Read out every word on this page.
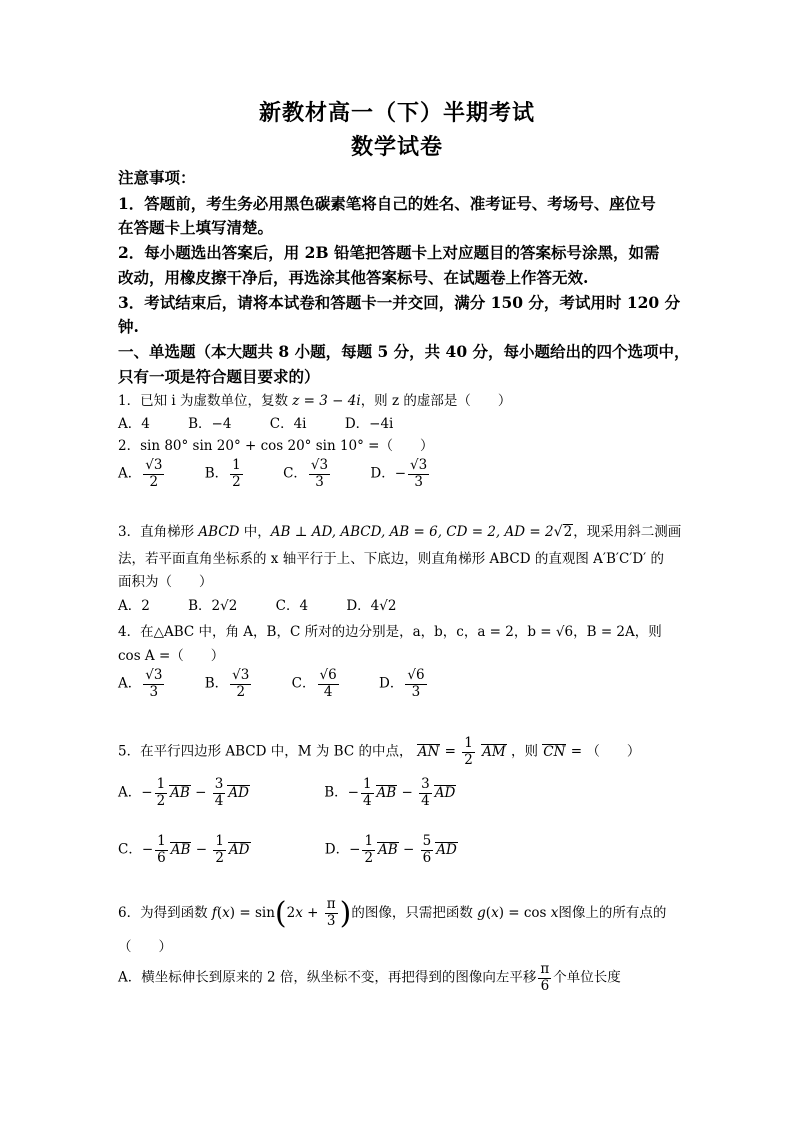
新教材高一（下）半期考试
数学试卷
注意事项：
1．答题前，考生务必用黑色碳素笔将自己的姓名、准考证号、考场号、座位号
在答题卡上填写清楚。
2．每小题选出答案后，用 2B 铅笔把答题卡上对应题目的答案标号涂黑，如需
改动，用橡皮擦干净后，再选涂其他答案标号、在试题卷上作答无效.
3．考试结束后，请将本试卷和答题卡一并交回，满分 150 分，考试用时 120 分
钟.
一、单选题（本大题共 8 小题，每题 5 分，共 40 分，每小题给出的四个选项中，
只有一项是符合题目要求的）
1．已知 i 为虚数单位，复数 z = 3 − 4i，则 z 的虚部是（　　）
A．4	B．−4	C．4i	D．−4i
2．sin 80° sin 20° + cos 20° sin 10° =（　　）
A． $\frac{√3}{2}$	B． $\frac{1}{2}$	C． $\frac{√3}{3}$	D．− $\frac{√3}{3}$
3．直角梯形 ABCD 中，AB ⊥ AD, ABCD, AB = 6, CD = 2, AD = 2 √ 2 ，现采用斜二测画
法，若平面直角坐标系的 x 轴平行于上、下底边，则直角梯形 ABCD 的直观图 A′B′C′D′ 的
面积为（　　）
A．2	B．2√2	C．4	D．4√2
4．在△ABC 中，角 A，B，C 所对的边分别是，a，b，c，a = 2，b = √6，B = 2A，则
cos A =（　　）
A． $\frac{√3}{3}$	B． $\frac{√3}{2}$	C． $\frac{√6}{4}$	D． $\frac{√6}{3}$
5．在平行四边形 ABCD 中，M 为 BC 的中点， AN = $\frac{1}{2}$ AM ，则 CN = （　　）
A．− $\frac{1}{2}$ AB − $\frac{3}{4}$ AD	B．− $\frac{1}{4}$ AB − $\frac{3}{4}$ AD
C．− $\frac{1}{6}$ AB − $\frac{1}{2}$ AD	D．− $\frac{1}{2}$ AB − $\frac{5}{6}$ AD
6．为得到函数 $f(x) = \sin(2x + \frac{\pi}{3}$ )的图像，只需把函数 g(x) = cos x图像上的所有点的
（　　）
A．横坐标伸长到原来的 2 倍，纵坐标不变，再把得到的图像向左平移 $\frac{\pi}{6}$ 个单位长度
